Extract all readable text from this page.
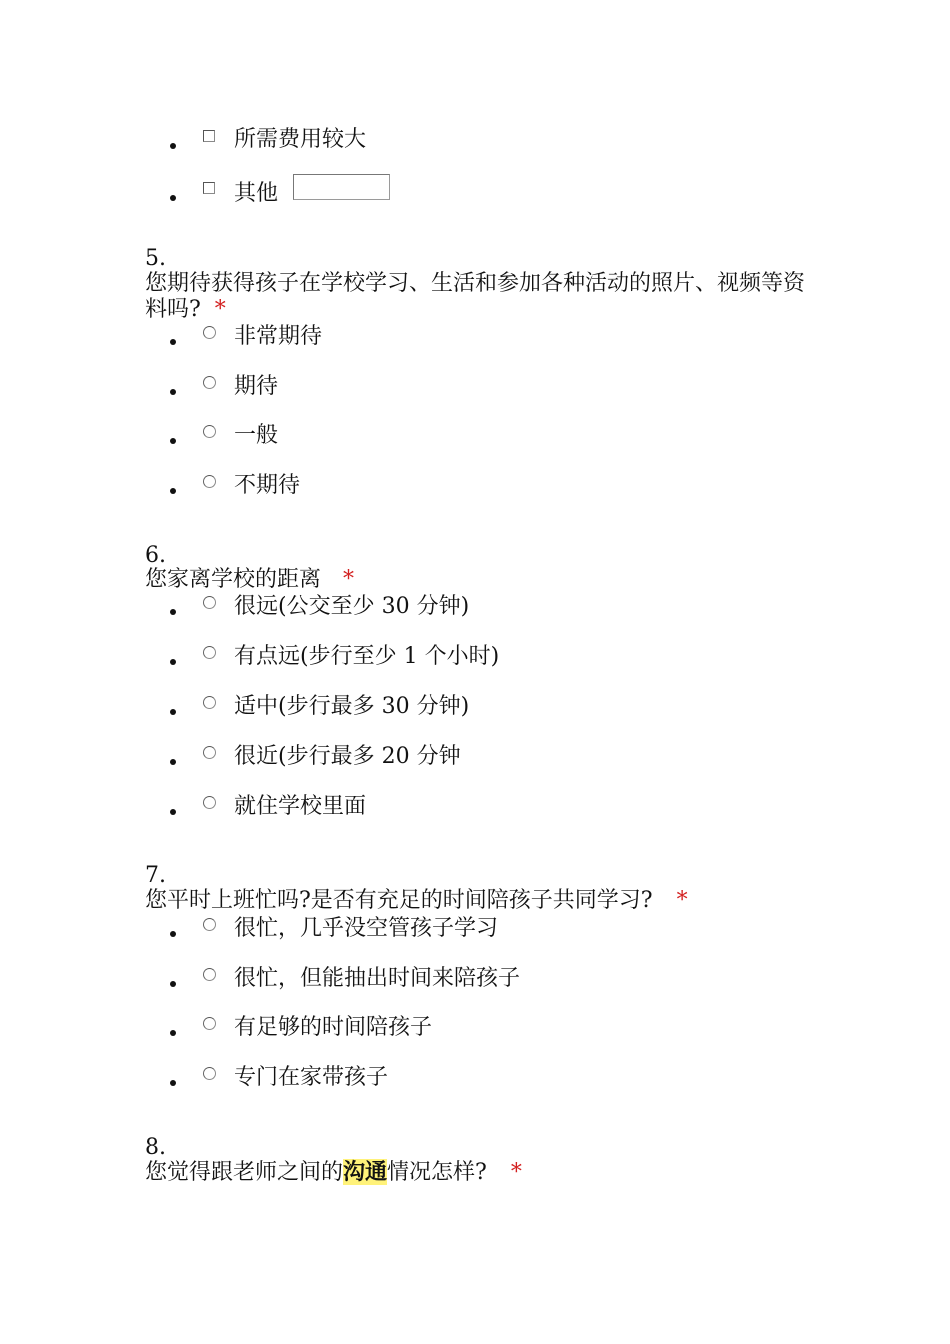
所需费用较大
其他
5.
您期待获得孩子在学校学习、生活和参加各种活动的照片、视频等资料吗? *
非常期待
期待
一般
不期待
6.
您家离学校的距离 *
很远(公交至少 30 分钟)
有点远(步行至少 1 个小时)
适中(步行最多 30 分钟)
很近(步行最多 20 分钟
就住学校里面
7.
您平时上班忙吗?是否有充足的时间陪孩子共同学习? *
很忙，几乎没空管孩子学习
很忙，但能抽出时间来陪孩子
有足够的时间陪孩子
专门在家带孩子
8.
您觉得跟老师之间的沟通情况怎样? *
